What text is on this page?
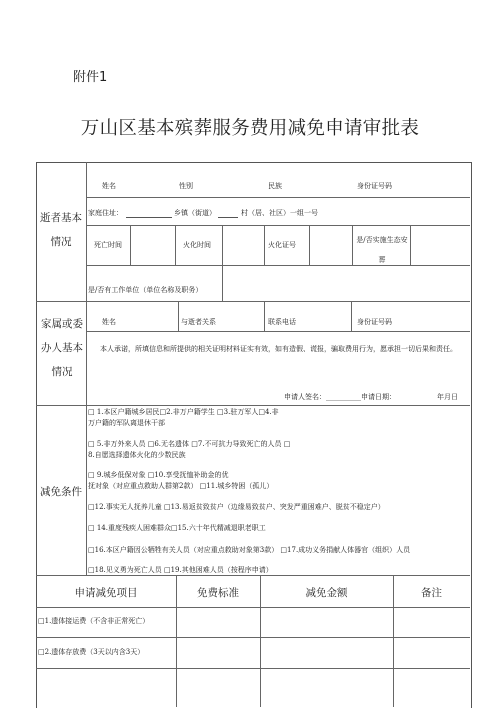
附件1
万山区基本殡葬服务费用减免申请审批表
逝者基本情况
姓名	性别	民族	身份证号码
家庭住址：	乡镇（街道）	村（居、社区）一组一号
死亡时间	火化时间	火化证号
是/否实施生态安葬
是/否有工作单位（单位名称及职务）
家属或委办人基本情况
姓名	与逝者关系	联系电话	身份证号码
本人承诺，所填信息和所提供的相关证明材料证实有效，如有造假、谎报，骗取费用行为，愿承担一切后果和责任。
申请人签名：__________申请日期：	年月日
减免条件
□ 1.本区户籍城乡居民□2.非万户籍学生 □3.驻万军人□4.非
万户籍的军队离退休干部
□ 5.非万外来人员 □6.无名遗体 □7.不可抗力导致死亡的人员 □
8.自愿选择遗体火化的少数民族
□ 9.城乡低保对象 □10.享受抚恤补助金的优
抚对象（对应重点救助人群第2款） □11.城乡特困（孤儿）
□12.事实无人抚养儿童 □13.易返贫致贫户（边缘易致贫户、突发严重困难户、脱贫不稳定户）
□ 14.重度残疾人困难群众□15.六十年代精减退职老职工
□16.本区户籍因公牺牲有关人员（对应重点救助对象第3款） □17.成功义务捐献人体器官（组织）人员
□18.见义勇为死亡人员 □19.其他困难人员（按程序申请）
申请减免项目	免费标准	减免金额	备注
□1.遗体接运费（不含非正常死亡）
□2.遗体存放费（3天以内含3天）
